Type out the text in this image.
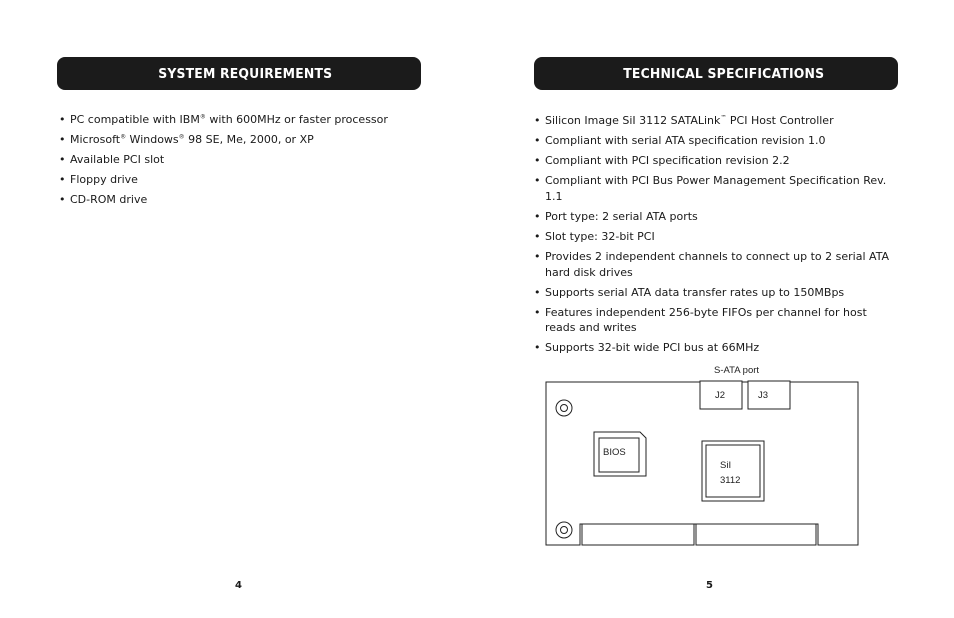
SYSTEM REQUIREMENTS
• PC compatible with IBM® with 600MHz or faster processor
• Microsoft® Windows® 98 SE, Me, 2000, or XP
• Available PCI slot
• Floppy drive
• CD-ROM drive
4
TECHNICAL SPECIFICATIONS
• Silicon Image SiI 3112 SATALink™ PCI Host Controller
• Compliant with serial ATA specification revision 1.0
• Compliant with PCI specification revision 2.2
• Compliant with PCI Bus Power Management Specification Rev. 1.1
• Port type: 2 serial ATA ports
• Slot type: 32-bit PCI
• Provides 2 independent channels to connect up to 2 serial ATA hard disk drives
• Supports serial ATA data transfer rates up to 150MBps
• Features independent 256-byte FIFOs per channel for host reads and writes
• Supports 32-bit wide PCI bus at 66MHz
5
S-ATA port
J2	J3
BIOS
SiI
3112
